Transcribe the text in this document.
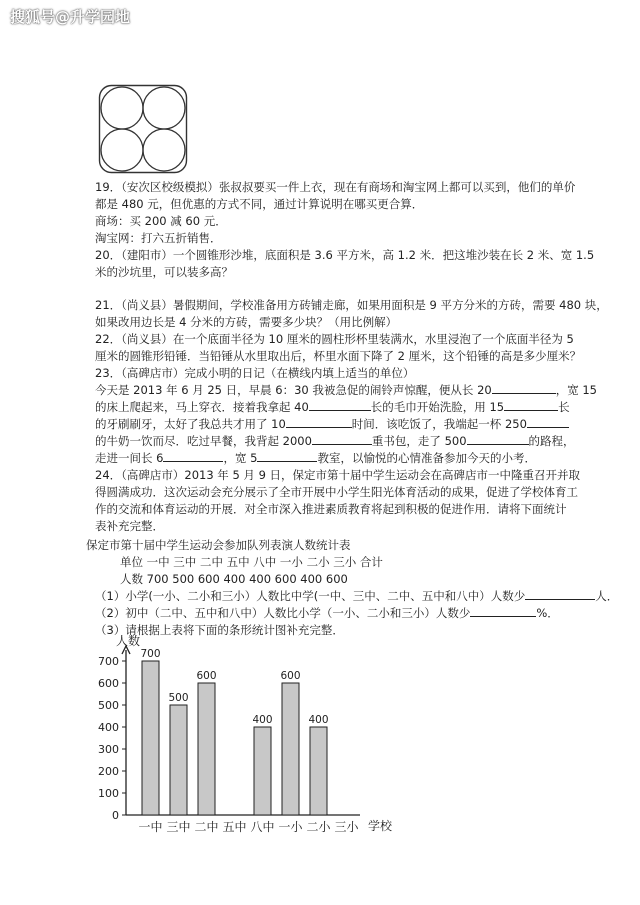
搜狐号@升学园地
19．（安次区校级模拟）张叔叔要买一件上衣，现在有商场和淘宝网上都可以买到，他们的单价
都是 480 元，但优惠的方式不同，通过计算说明在哪买更合算．
商场：买 200 减 60 元．
淘宝网：打六五折销售．
20．（建阳市）一个圆锥形沙堆，底面积是 3.6 平方米，高 1.2 米．把这堆沙装在长 2 米、宽 1.5
米的沙坑里，可以装多高？
21．（尚义县）暑假期间，学校准备用方砖铺走廊，如果用面积是 9 平方分米的方砖，需要 480 块，
如果改用边长是 4 分米的方砖，需要多少块？（用比例解）
22．（尚义县）在一个底面半径为 10 厘米的圆柱形杯里装满水，水里浸泡了一个底面半径为 5
厘米的圆锥形铅锤．当铅锤从水里取出后，杯里水面下降了 2 厘米，这个铅锤的高是多少厘米？
23．（高碑店市）完成小明的日记（在横线内填上适当的单位）
今天是 2013 年 6 月 25 日，早晨 6：30 我被急促的闹铃声惊醒，便从长 20	，宽 15
的床上爬起来，马上穿衣．接着我拿起 40	长的毛巾开始洗脸，用 15	长
的牙刷刷牙，太好了我总共才用了 10	时间．该吃饭了，我端起一杯 250
的牛奶一饮而尽．吃过早餐，我背起 2000	重书包，走了 500	的路程，
走进一间长 6	，宽 5	教室，以愉悦的心情准备参加今天的小考．
24．（高碑店市）2013 年 5 月 9 日，保定市第十届中学生运动会在高碑店市一中隆重召开并取
得圆满成功．这次运动会充分展示了全市开展中小学生阳光体育活动的成果，促进了学校体育工
作的交流和体育运动的开展．对全市深入推进素质教育将起到积极的促进作用．请将下面统计
表补充完整．
保定市第十届中学生运动会参加队列表演人数统计表
单位 一中 三中 二中 五中 八中 一小 二小 三小 合计
人数 700 500 600 400 400 600 400 600
（1）小学(一小、二小和三小）人数比中学(一中、三中、二中、五中和八中）人数少	人．
（2）初中（二中、五中和八中）人数比小学（一小、二小和三小）人数少	%．
（3）请根据上表将下面的条形统计图补充完整．
人数
学校
0
100
200
300
400
500
600
700
700
一中
500
三中
600
二中 五中
400
八中
600
一小
400
二小 三小
